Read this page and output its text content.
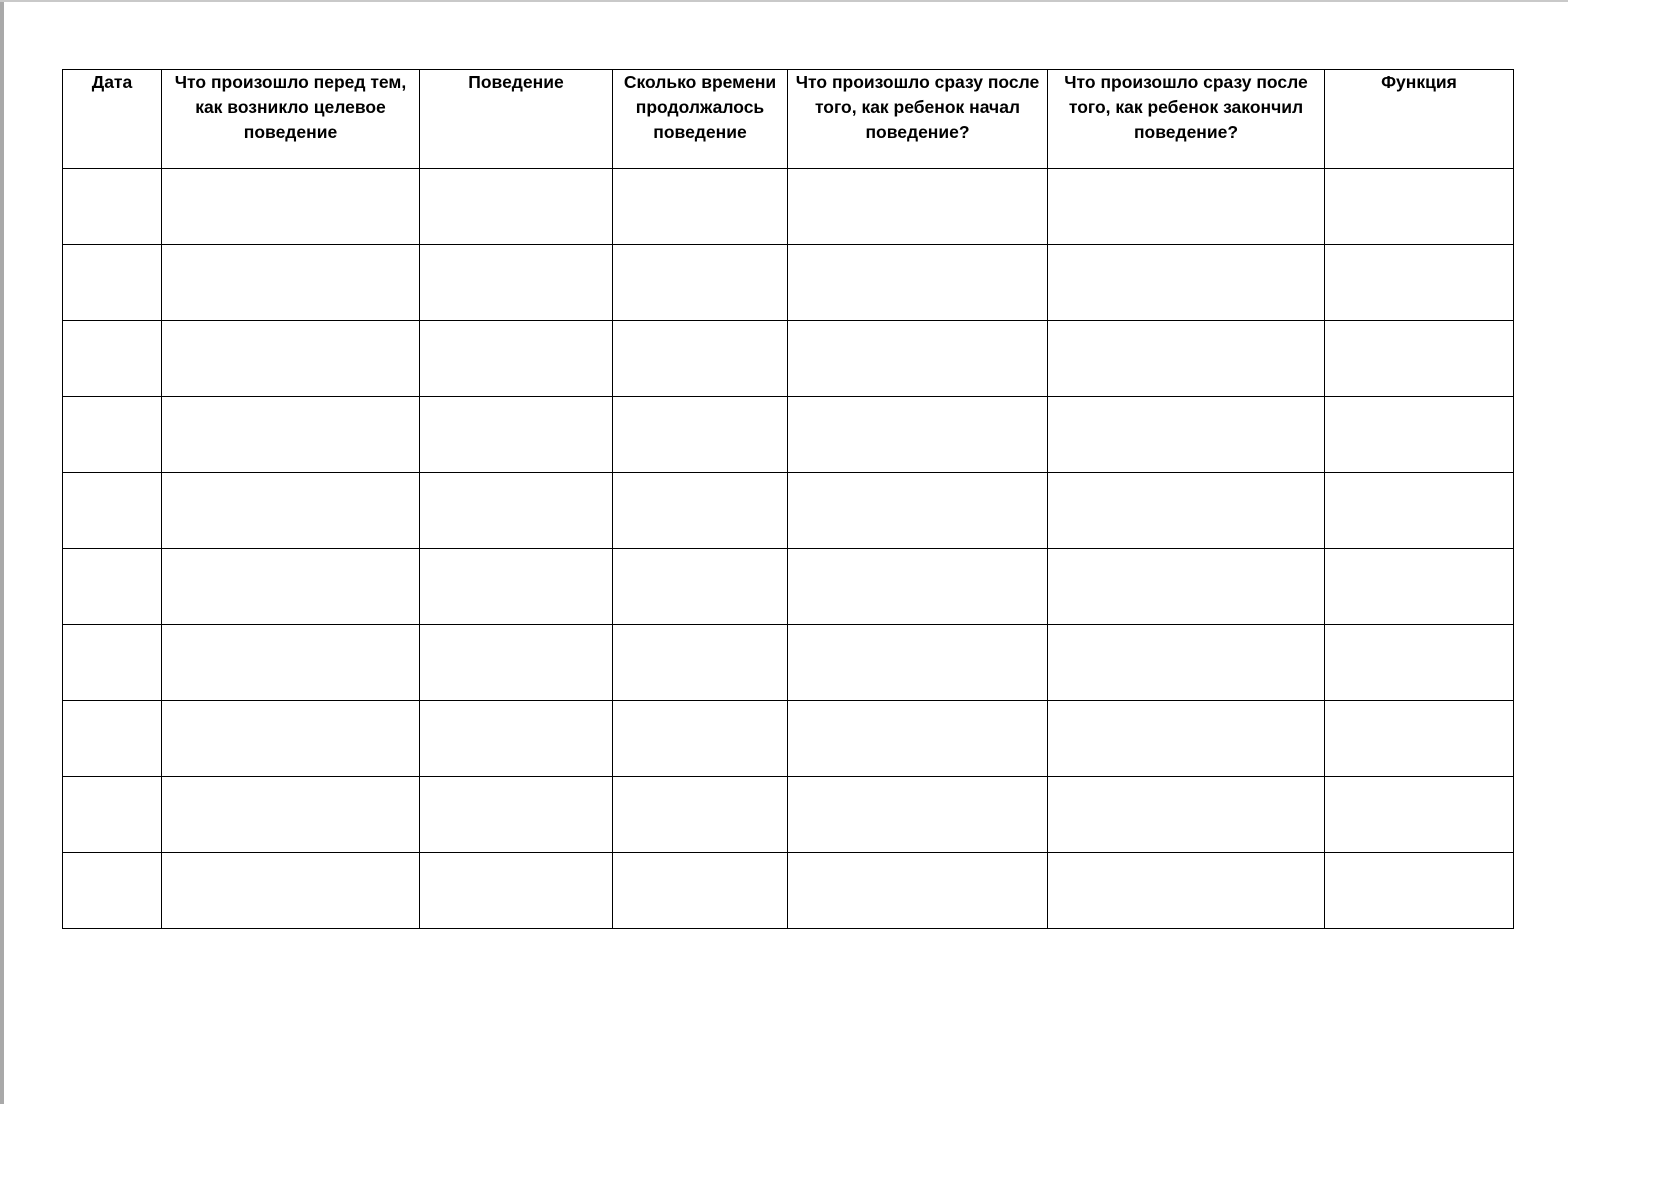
Дата	Что произошло перед тем, как возникло целевое поведение	Поведение	Сколько времени продолжалось поведение	Что произошло сразу после того, как ребенок начал поведение?	Что произошло сразу после того, как ребенок закончил поведение?	Функция
